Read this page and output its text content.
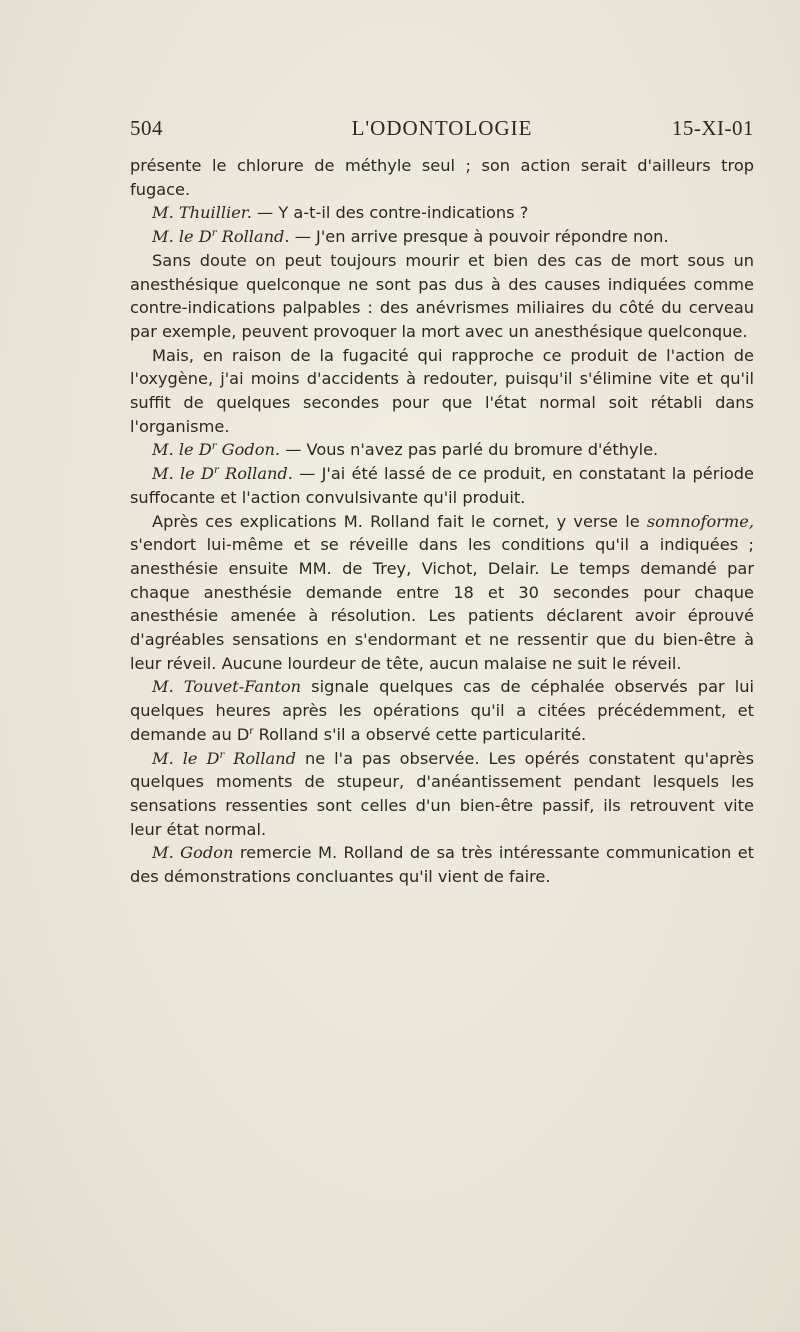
504	L'ODONTOLOGIE	15-XI-01

présente le chlorure de méthyle seul ; son action serait d'ailleurs trop fugace.

M. Thuillier. — Y a-t-il des contre-indications ?

M. le $D^r$ Rolland. — J'en arrive presque à pouvoir répondre non.

Sans doute on peut toujours mourir et bien des cas de mort sous un anesthésique quelconque ne sont pas dus à des causes indiquées comme contre-indications palpables : des anévrismes miliaires du côté du cerveau par exemple, peuvent provoquer la mort avec un anesthésique quelconque.

Mais, en raison de la fugacité qui rapproche ce produit de l'action de l'oxygène, j'ai moins d'accidents à redouter, puisqu'il s'élimine vite et qu'il suffit de quelques secondes pour que l'état normal soit rétabli dans l'organisme.

M. le $D^r$ Godon. — Vous n'avez pas parlé du bromure d'éthyle.

M. le $D^r$ Rolland. — J'ai été lassé de ce produit, en constatant la période suffocante et l'action convulsivante qu'il produit.

Après ces explications M. Rolland fait le cornet, y verse le somnoforme, s'endort lui-même et se réveille dans les conditions qu'il a indiquées ; anesthésie ensuite MM. de Trey, Vichot, Delair. Le temps demandé par chaque anesthésie demande entre 18 et 30 secondes pour chaque anesthésie amenée à résolution. Les patients déclarent avoir éprouvé d'agréables sensations en s'endormant et ne ressentir que du bien-être à leur réveil. Aucune lourdeur de tête, aucun malaise ne suit le réveil.

M. Touvet-Fanton signale quelques cas de céphalée observés par lui quelques heures après les opérations qu'il a citées précédemment, et demande au $D^r$ Rolland s'il a observé cette particularité.

M. le $D^r$ Rolland ne l'a pas observée. Les opérés constatent qu'après quelques moments de stupeur, d'anéantissement pendant lesquels les sensations ressenties sont celles d'un bien-être passif, ils retrouvent vite leur état normal.

M. Godon remercie M. Rolland de sa très intéressante communication et des démonstrations concluantes qu'il vient de faire.
